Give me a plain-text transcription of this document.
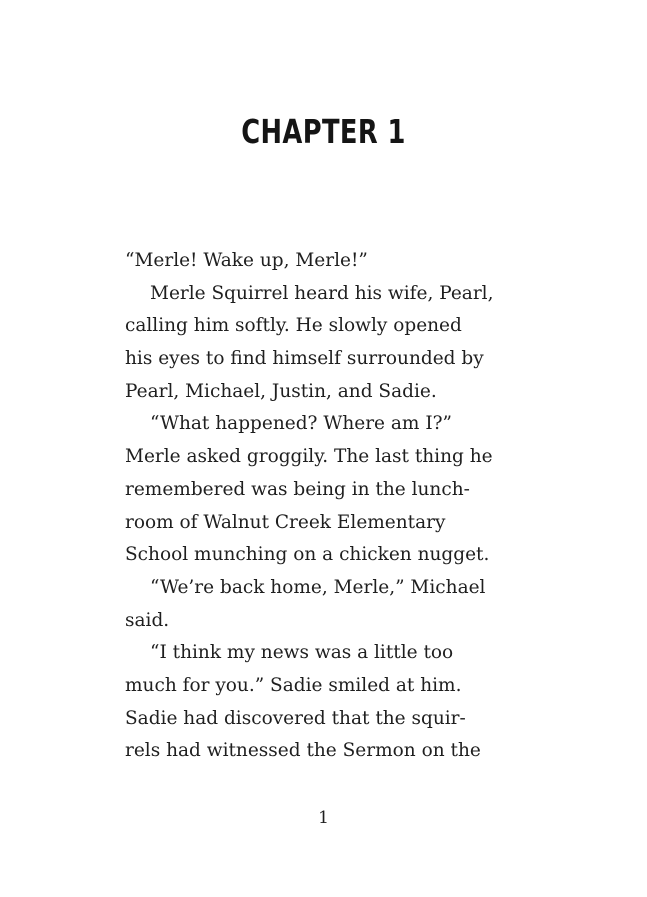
CHAPTER 1
“Merle! Wake up, Merle!”
Merle Squirrel heard his wife, Pearl,
calling him softly. He slowly opened
his eyes to find himself surrounded by
Pearl, Michael, Justin, and Sadie.
“What happened? Where am I?”
Merle asked groggily. The last thing he
remembered was being in the lunch-
room of Walnut Creek Elementary
School munching on a chicken nugget.
“We’re back home, Merle,” Michael
said.
“I think my news was a little too
much for you.” Sadie smiled at him.
Sadie had discovered that the squir-
rels had witnessed the Sermon on the
1
